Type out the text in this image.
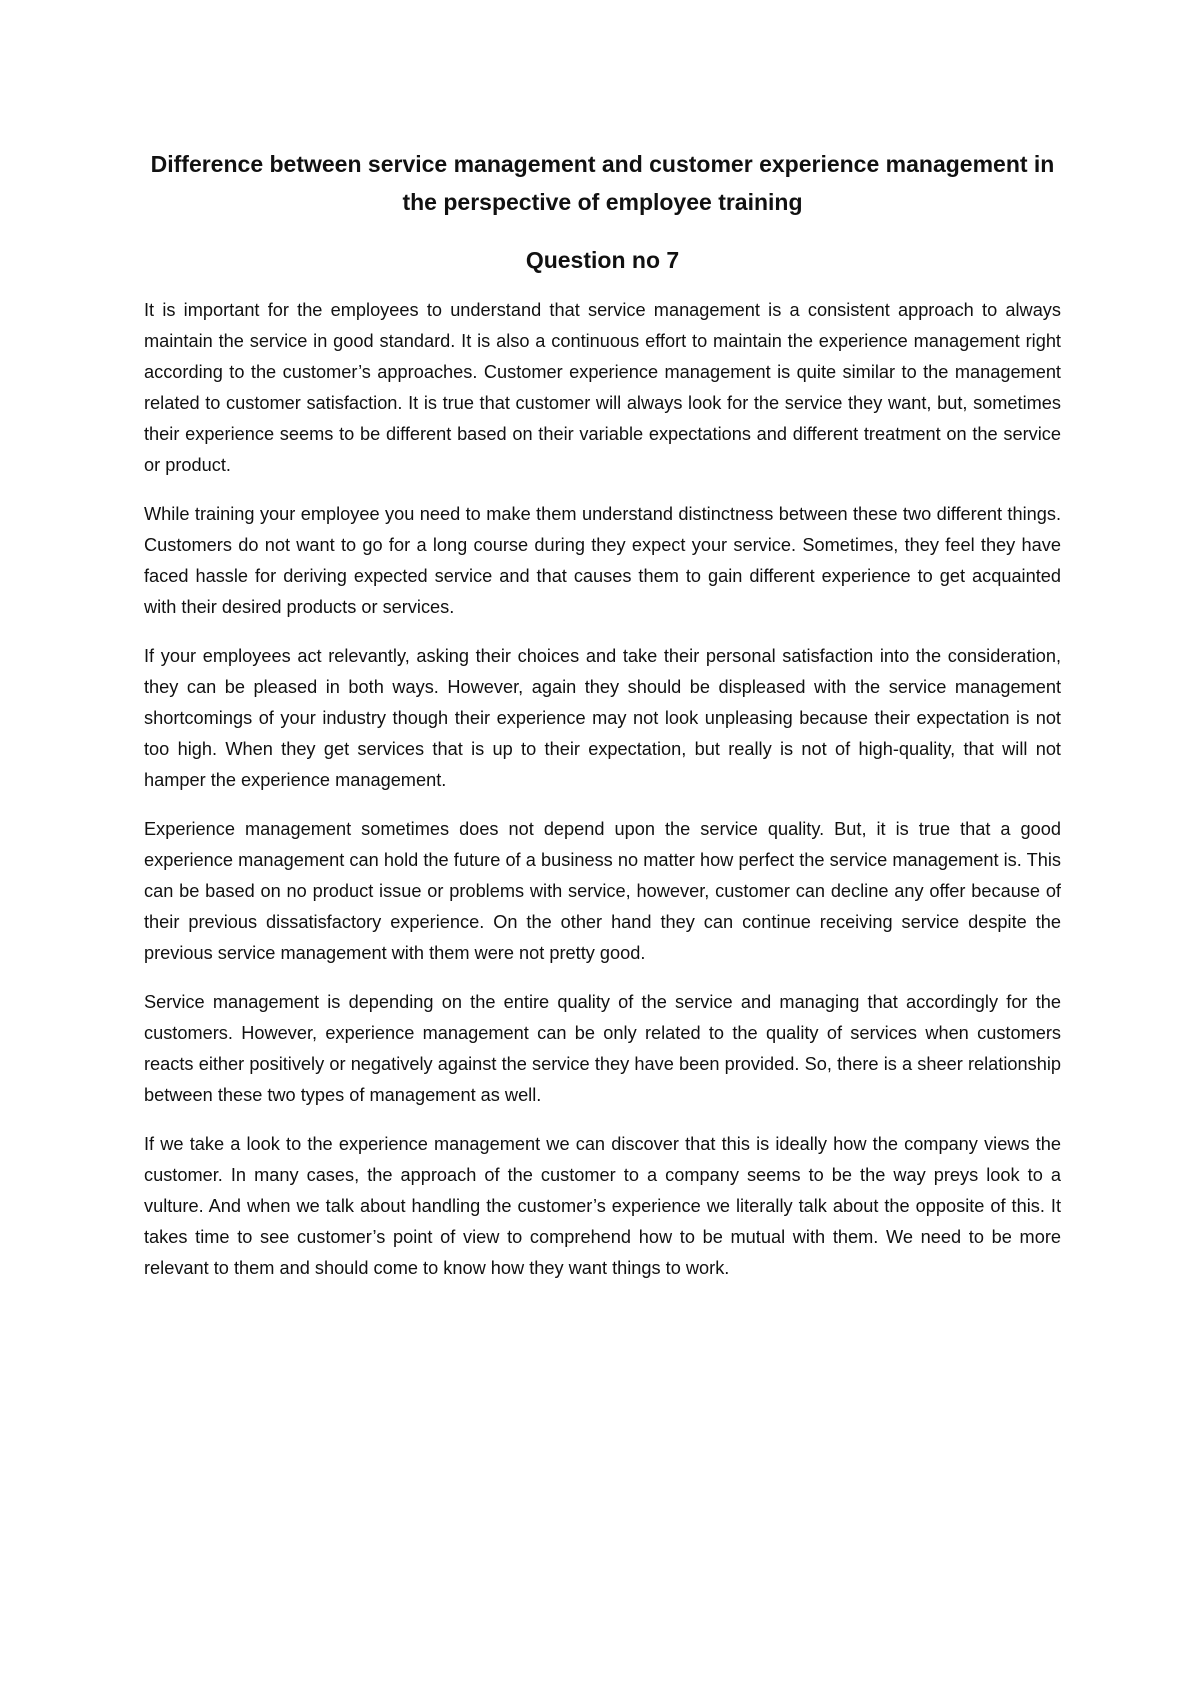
Difference between service management and customer experience management in the perspective of employee training
Question no 7

It is important for the employees to understand that service management is a consistent approach to always maintain the service in good standard. It is also a continuous effort to maintain the experience management right according to the customer’s approaches. Customer experience management is quite similar to the management related to customer satisfaction. It is true that customer will always look for the service they want, but, sometimes their experience seems to be different based on their variable expectations and different treatment on the service or product.

While training your employee you need to make them understand distinctness between these two different things. Customers do not want to go for a long course during they expect your service. Sometimes, they feel they have faced hassle for deriving expected service and that causes them to gain different experience to get acquainted with their desired products or services.

If your employees act relevantly, asking their choices and take their personal satisfaction into the consideration, they can be pleased in both ways. However, again they should be displeased with the service management shortcomings of your industry though their experience may not look unpleasing because their expectation is not too high. When they get services that is up to their expectation, but really is not of high-quality, that will not hamper the experience management.

Experience management sometimes does not depend upon the service quality. But, it is true that a good experience management can hold the future of a business no matter how perfect the service management is. This can be based on no product issue or problems with service, however, customer can decline any offer because of their previous dissatisfactory experience. On the other hand they can continue receiving service despite the previous service management with them were not pretty good.

Service management is depending on the entire quality of the service and managing that accordingly for the customers. However, experience management can be only related to the quality of services when customers reacts either positively or negatively against the service they have been provided. So, there is a sheer relationship between these two types of management as well.

If we take a look to the experience management we can discover that this is ideally how the company views the customer. In many cases, the approach of the customer to a company seems to be the way preys look to a vulture. And when we talk about handling the customer’s experience we literally talk about the opposite of this. It takes time to see customer’s point of view to comprehend how to be mutual with them. We need to be more relevant to them and should come to know how they want things to work.
